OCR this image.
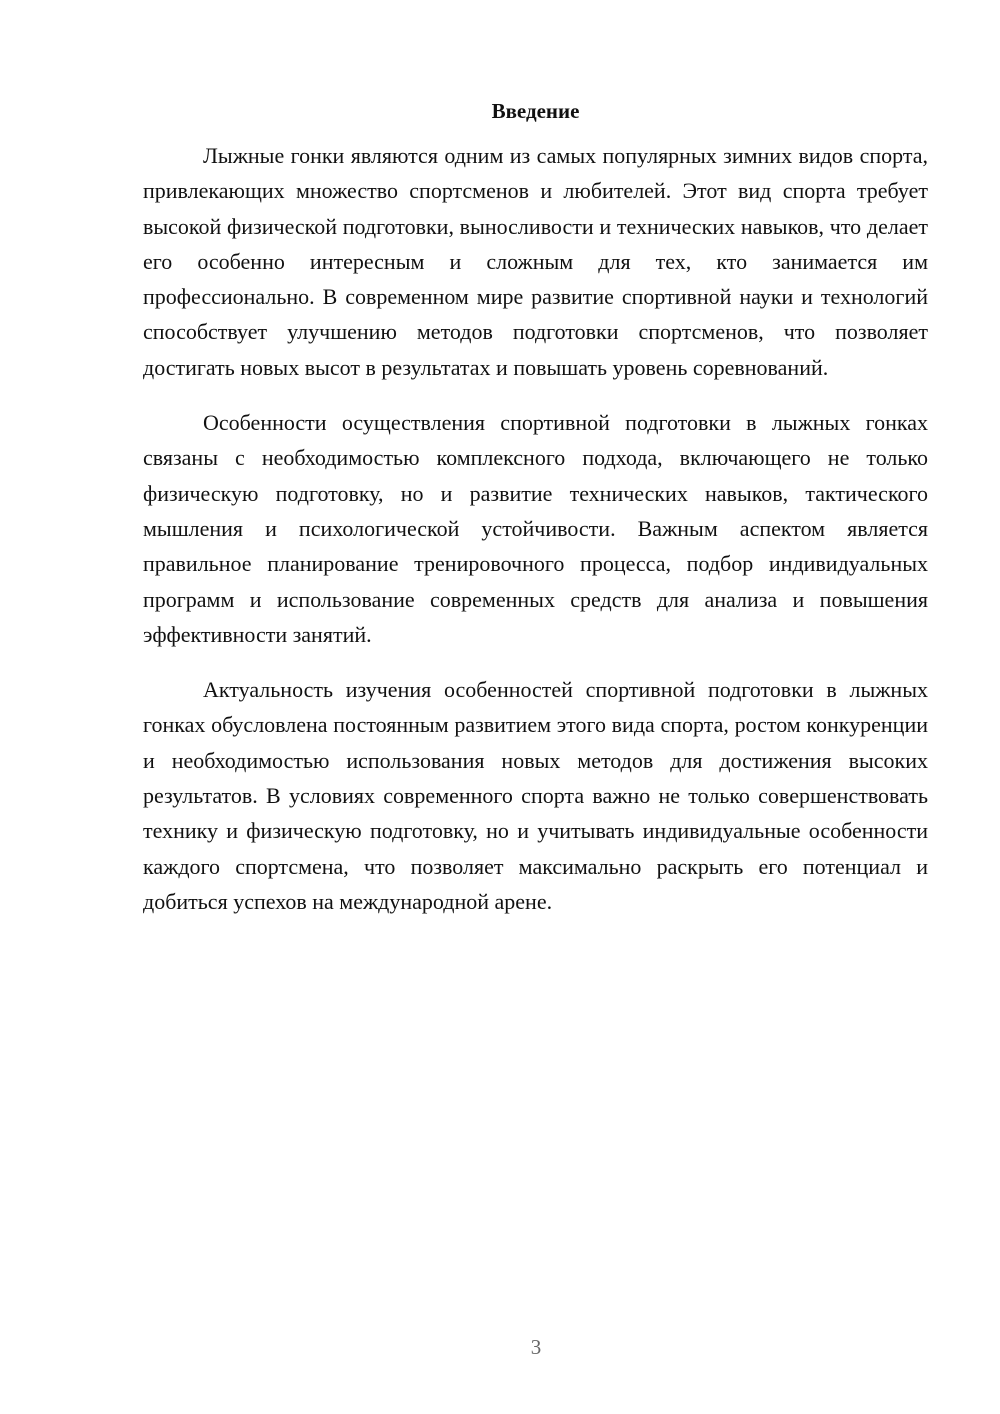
Введение

Лыжные гонки являются одним из самых популярных зимних видов спорта, привлекающих множество спортсменов и любителей. Этот вид спорта требует высокой физической подготовки, выносливости и технических навыков, что делает его особенно интересным и сложным для тех, кто занимается им профессионально. В современном мире развитие спортивной науки и технологий способствует улучшению методов подготовки спортсменов, что позволяет достигать новых высот в результатах и повышать уровень соревнований.

Особенности осуществления спортивной подготовки в лыжных гонках связаны с необходимостью комплексного подхода, включающего не только физическую подготовку, но и развитие технических навыков, тактического мышления и психологической устойчивости. Важным аспектом является правильное планирование тренировочного процесса, подбор индивидуальных программ и использование современных средств для анализа и повышения эффективности занятий.

Актуальность изучения особенностей спортивной подготовки в лыжных гонках обусловлена постоянным развитием этого вида спорта, ростом конкуренции и необходимостью использования новых методов для достижения высоких результатов. В условиях современного спорта важно не только совершенствовать технику и физическую подготовку, но и учитывать индивидуальные особенности каждого спортсмена, что позволяет максимально раскрыть его потенциал и добиться успехов на международной арене.

3
